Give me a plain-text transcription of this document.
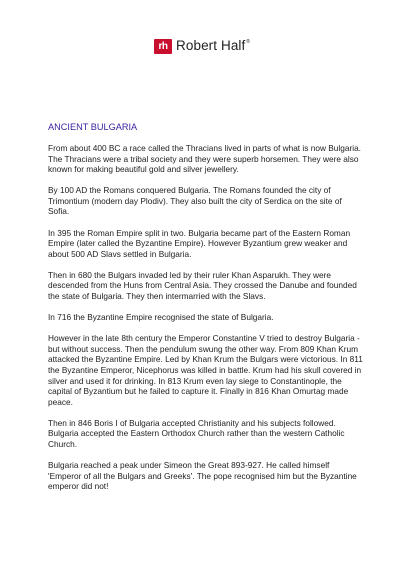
rh Robert Half®
ANCIENT BULGARIA

From about 400 BC a race called the Thracians lived in parts of what is now Bulgaria. The Thracians were a tribal society and they were superb horsemen. They were also known for making beautiful gold and silver jewellery.

By 100 AD the Romans conquered Bulgaria. The Romans founded the city of Trimontium (modern day Plodiv). They also built the city of Serdica on the site of Sofia.

In 395 the Roman Empire split in two. Bulgaria became part of the Eastern Roman Empire (later called the Byzantine Empire). However Byzantium grew weaker and about 500 AD Slavs settled in Bulgaria.

Then in 680 the Bulgars invaded led by their ruler Khan Asparukh. They were descended from the Huns from Central Asia. They crossed the Danube and founded the state of Bulgaria. They then intermarried with the Slavs.

In 716 the Byzantine Empire recognised the state of Bulgaria.

However in the late 8th century the Emperor Constantine V tried to destroy Bulgaria - but without success. Then the pendulum swung the other way. From 809 Khan Krum attacked the Byzantine Empire. Led by Khan Krum the Bulgars were victorious. In 811 the Byzantine Emperor, Nicephorus was killed in battle. Krum had his skull covered in silver and used it for drinking. In 813 Krum even lay siege to Constantinople, the capital of Byzantium but he failed to capture it. Finally in 816 Khan Omurtag made peace.

Then in 846 Boris I of Bulgaria accepted Christianity and his subjects followed. Bulgaria accepted the Eastern Orthodox Church rather than the western Catholic Church.

Bulgaria reached a peak under Simeon the Great 893-927. He called himself 'Emperor of all the Bulgars and Greeks'. The pope recognised him but the Byzantine emperor did not!
